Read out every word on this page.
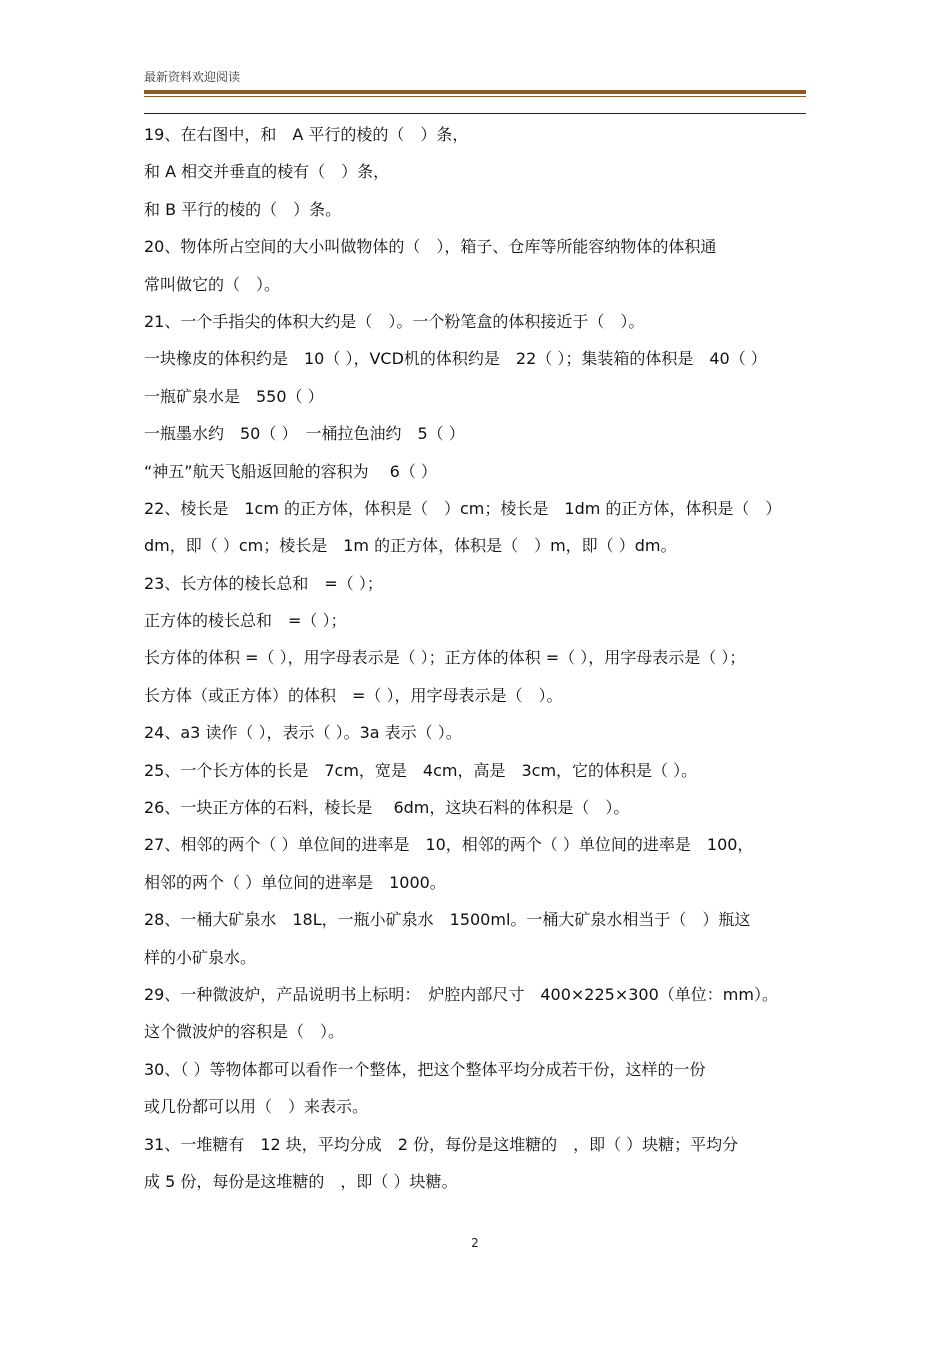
最新资料欢迎阅读
19、在右图中，和　A 平行的棱的（　）条，
和 A 相交并垂直的棱有（　）条，
和 B 平行的棱的（　）条。
20、物体所占空间的大小叫做物体的（　），箱子、仓库等所能容纳物体的体积通
常叫做它的（　）。
21、一个手指尖的体积大约是（　）。一个粉笔盒的体积接近于（　）。
一块橡皮的体积约是　10（ ），VCD机的体积约是　22（ ）；集装箱的体积是　40（ ）
一瓶矿泉水是　550（ ）
一瓶墨水约　50（ ）　一桶拉色油约　5（ ）
“神五”航天飞船返回舱的容积为　 6（ ）
22、棱长是　1cm 的正方体，体积是（　）cm；棱长是　1dm 的正方体，体积是（　）
dm，即（ ）cm；棱长是　1m 的正方体，体积是（　）m，即（ ）dm。
23、长方体的棱长总和　=（ ）；
正方体的棱长总和　=（ ）；
长方体的体积 =（ ），用字母表示是（ ）；正方体的体积 =（ ），用字母表示是（ ）；
长方体（或正方体）的体积　=（ ），用字母表示是（　）。
24、a3 读作（ ），表示（ ）。3a 表示（ ）。
25、一个长方体的长是　7cm，宽是　4cm，高是　3cm，它的体积是（ ）。
26、一块正方体的石料，棱长是　 6dm，这块石料的体积是（　）。
27、相邻的两个（ ）单位间的进率是　10，相邻的两个（ ）单位间的进率是　100，
相邻的两个（ ）单位间的进率是　1000。
28、一桶大矿泉水　18L，一瓶小矿泉水　1500ml。一桶大矿泉水相当于（　）瓶这
样的小矿泉水。
29、一种微波炉，产品说明书上标明：　炉腔内部尺寸　400×225×300（单位：mm）。
这个微波炉的容积是（　）。
30、（ ）等物体都可以看作一个整体，把这个整体平均分成若干份，这样的一份
或几份都可以用（　）来表示。
31、一堆糖有　12 块，平均分成　2 份，每份是这堆糖的　，即（ ）块糖；平均分
成 5 份，每份是这堆糖的　，即（ ）块糖。
2
